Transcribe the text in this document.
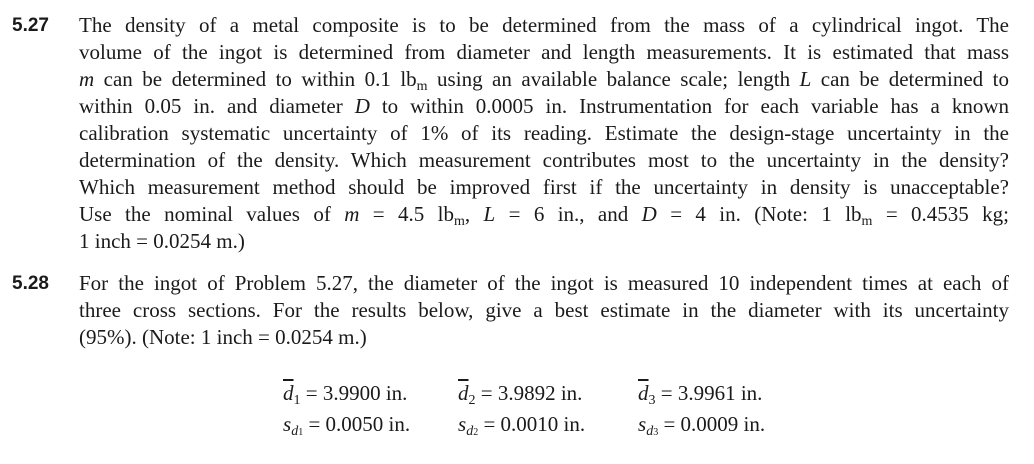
5.27 The density of a metal composite is to be determined from the mass of a cylindrical ingot. The
volume of the ingot is determined from diameter and length measurements. It is estimated that mass
m can be determined to within 0.1 $lb_m$ using an available balance scale; length L can be determined to
within 0.05 in. and diameter D to within 0.0005 in. Instrumentation for each variable has a known
calibration systematic uncertainty of 1% of its reading. Estimate the design-stage uncertainty in the
determination of the density. Which measurement contributes most to the uncertainty in the density?
Which measurement method should be improved first if the uncertainty in density is unacceptable?
Use the nominal values of m = 4.5 $lb_m$, L = 6 in., and D = 4 in. (Note: 1 $lb_m = 0.4535$ kg;
1 inch = 0.0254 m.)
5.28 For the ingot of Problem 5.27, the diameter of the ingot is measured 10 independent times at each of
three cross sections. For the results below, give a best estimate in the diameter with its uncertainty
(95%). (Note: 1 inch = 0.0254 m.)
$\overline{d}_1 = 3.9900$ in. $\overline{d}_2 = 3.9892$ in.	$\overline{d}_3 = 3.9961$ in.
$s_{d1} = 0.0050$ in. $s_{d2} = 0.0010$ in.	$s_{d3} = 0.0009$ in.
